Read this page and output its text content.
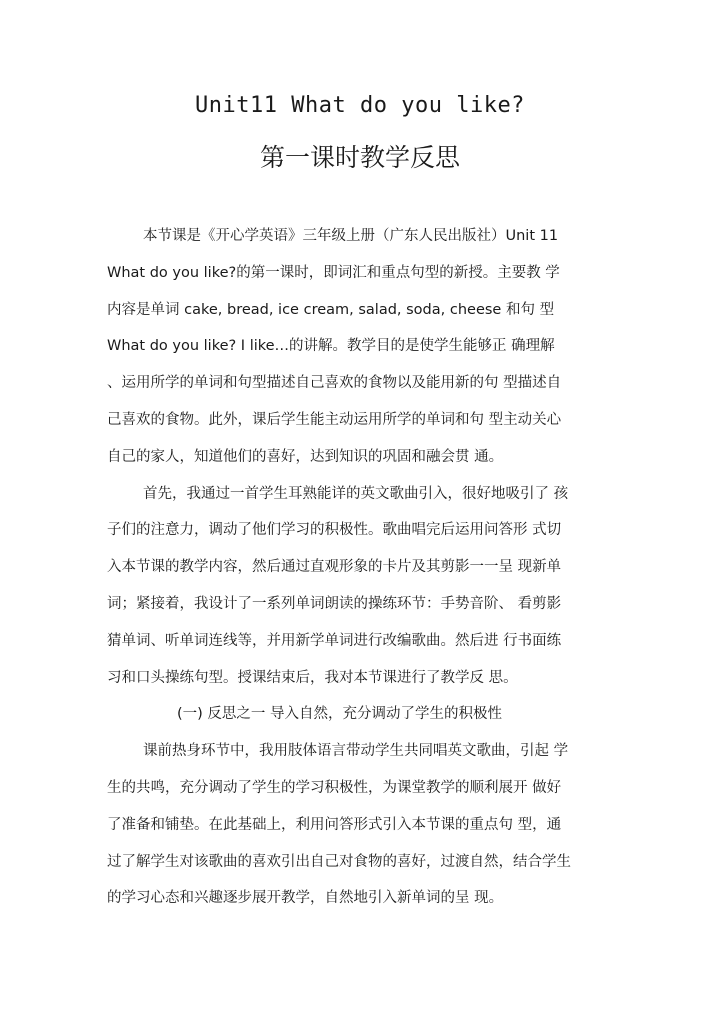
Unit11 What do you like?
第一课时教学反思
本节课是《开心学英语》三年级上册（广东人民出版社）Unit 11
What do you like?的第一课时，即词汇和重点句型的新授。主要教 学
内容是单词 cake, bread, ice cream, salad, soda, cheese 和句 型
What do you like? I like…的讲解。教学目的是使学生能够正 确理解
、运用所学的单词和句型描述自己喜欢的食物以及能用新的句 型描述自
己喜欢的食物。此外，课后学生能主动运用所学的单词和句 型主动关心
自己的家人，知道他们的喜好，达到知识的巩固和融会贯 通。
首先，我通过一首学生耳熟能详的英文歌曲引入，很好地吸引了 孩
子们的注意力，调动了他们学习的积极性。歌曲唱完后运用问答形 式切
入本节课的教学内容，然后通过直观形象的卡片及其剪影一一呈 现新单
词；紧接着，我设计了一系列单词朗读的操练环节：手势音阶、 看剪影
猜单词、听单词连线等，并用新学单词进行改编歌曲。然后进 行书面练
习和口头操练句型。授课结束后，我对本节课进行了教学反 思。
(一) 反思之一 导入自然，充分调动了学生的积极性
课前热身环节中，我用肢体语言带动学生共同唱英文歌曲，引起 学
生的共鸣，充分调动了学生的学习积极性，为课堂教学的顺利展开 做好
了准备和铺垫。在此基础上，利用问答形式引入本节课的重点句 型，通
过了解学生对该歌曲的喜欢引出自己对食物的喜好，过渡自然，结合学生
的学习心态和兴趣逐步展开教学，自然地引入新单词的呈 现。
